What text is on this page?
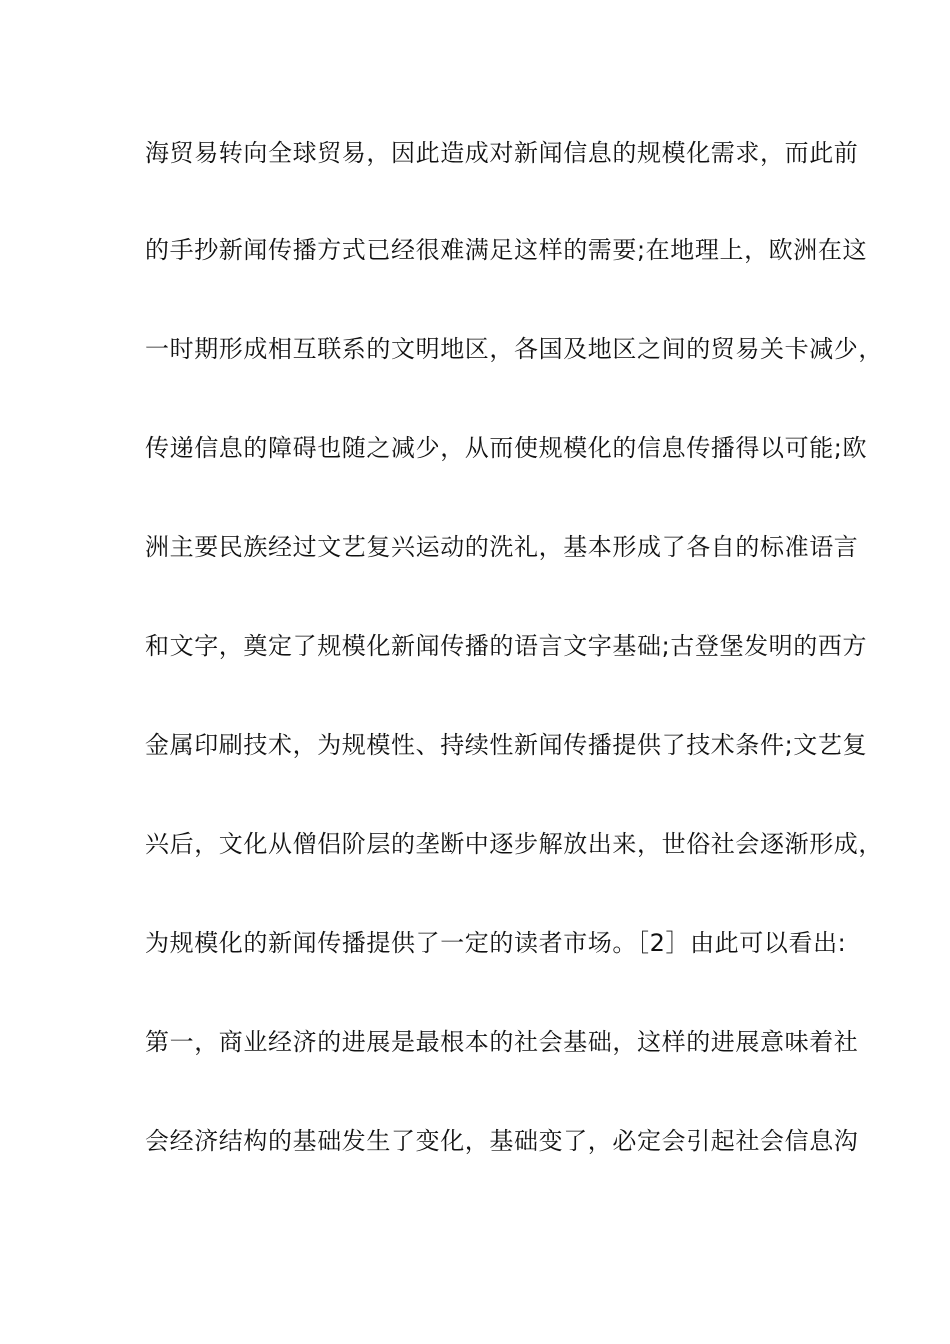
海贸易转向全球贸易，因此造成对新闻信息的规模化需求，而此前
的手抄新闻传播方式已经很难满足这样的需要;在地理上，欧洲在这
一时期形成相互联系的文明地区，各国及地区之间的贸易关卡减少，
传递信息的障碍也随之减少，从而使规模化的信息传播得以可能;欧
洲主要民族经过文艺复兴运动的洗礼，基本形成了各自的标准语言
和文字，奠定了规模化新闻传播的语言文字基础;古登堡发明的西方
金属印刷技术，为规模性、持续性新闻传播提供了技术条件;文艺复
兴后，文化从僧侣阶层的垄断中逐步解放出来，世俗社会逐渐形成，
为规模化的新闻传播提供了一定的读者市场。［2］由此可以看出:
第一，商业经济的进展是最根本的社会基础，这样的进展意味着社
会经济结构的基础发生了变化，基础变了，必定会引起社会信息沟
